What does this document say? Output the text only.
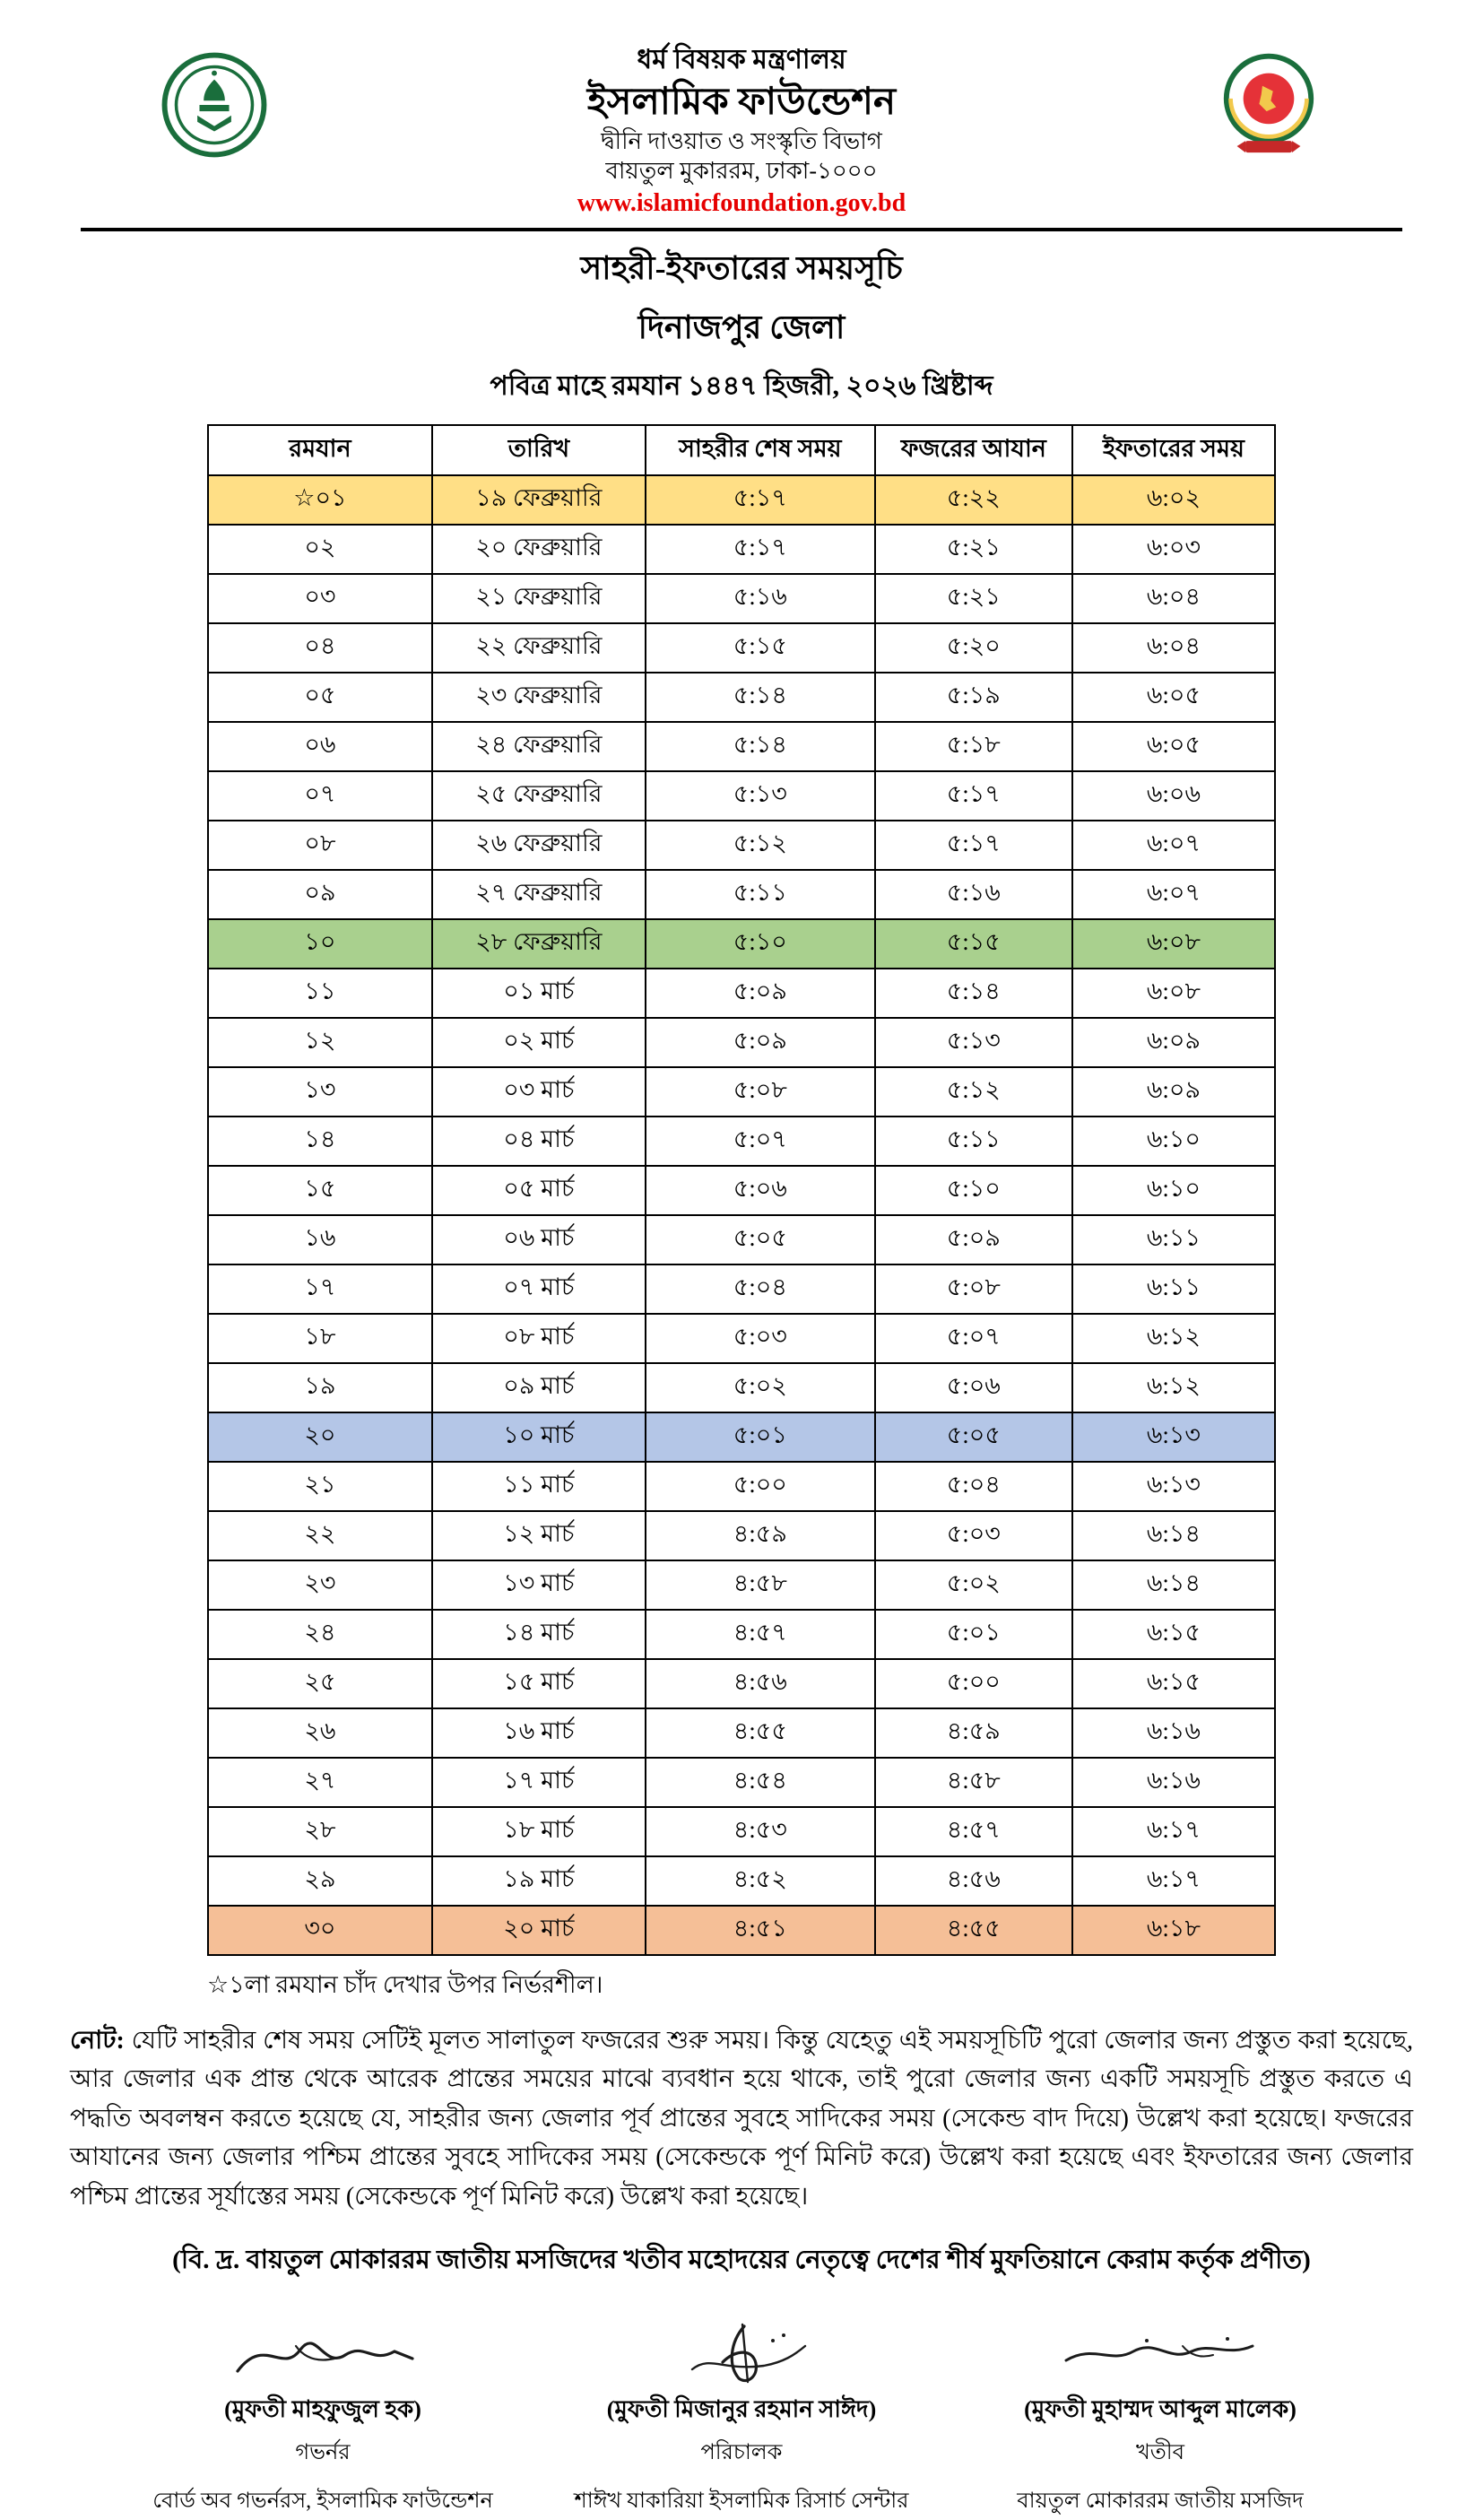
ধর্ম বিষয়ক মন্ত্রণালয়
ইসলামিক ফাউন্ডেশন
দ্বীনি দাওয়াত ও সংস্কৃতি বিভাগ
বায়তুল মুকাররম, ঢাকা-১০০০
www.islamicfoundation.gov.bd
সাহরী-ইফতারের সময়সূচি
দিনাজপুর জেলা
পবিত্র মাহে রমযান ১৪৪৭ হিজরী, ২০২৬ খ্রিষ্টাব্দ
রমযান	তারিখ	সাহরীর শেষ সময়	ফজরের আযান	ইফতারের সময়
☆০১	১৯ ফেব্রুয়ারি	৫:১৭	৫:২২	৬:০২
০২	২০ ফেব্রুয়ারি	৫:১৭	৫:২১	৬:০৩
০৩	২১ ফেব্রুয়ারি	৫:১৬	৫:২১	৬:০৪
০৪	২২ ফেব্রুয়ারি	৫:১৫	৫:২০	৬:০৪
০৫	২৩ ফেব্রুয়ারি	৫:১৪	৫:১৯	৬:০৫
০৬	২৪ ফেব্রুয়ারি	৫:১৪	৫:১৮	৬:০৫
০৭	২৫ ফেব্রুয়ারি	৫:১৩	৫:১৭	৬:০৬
০৮	২৬ ফেব্রুয়ারি	৫:১২	৫:১৭	৬:০৭
০৯	২৭ ফেব্রুয়ারি	৫:১১	৫:১৬	৬:০৭
১০	২৮ ফেব্রুয়ারি	৫:১০	৫:১৫	৬:০৮
১১	০১ মার্চ	৫:০৯	৫:১৪	৬:০৮
১২	০২ মার্চ	৫:০৯	৫:১৩	৬:০৯
১৩	০৩ মার্চ	৫:০৮	৫:১২	৬:০৯
১৪	০৪ মার্চ	৫:০৭	৫:১১	৬:১০
১৫	০৫ মার্চ	৫:০৬	৫:১০	৬:১০
১৬	০৬ মার্চ	৫:০৫	৫:০৯	৬:১১
১৭	০৭ মার্চ	৫:০৪	৫:০৮	৬:১১
১৮	০৮ মার্চ	৫:০৩	৫:০৭	৬:১২
১৯	০৯ মার্চ	৫:০২	৫:০৬	৬:১২
২০	১০ মার্চ	৫:০১	৫:০৫	৬:১৩
২১	১১ মার্চ	৫:০০	৫:০৪	৬:১৩
২২	১২ মার্চ	৪:৫৯	৫:০৩	৬:১৪
২৩	১৩ মার্চ	৪:৫৮	৫:০২	৬:১৪
২৪	১৪ মার্চ	৪:৫৭	৫:০১	৬:১৫
২৫	১৫ মার্চ	৪:৫৬	৫:০০	৬:১৫
২৬	১৬ মার্চ	৪:৫৫	৪:৫৯	৬:১৬
২৭	১৭ মার্চ	৪:৫৪	৪:৫৮	৬:১৬
২৮	১৮ মার্চ	৪:৫৩	৪:৫৭	৬:১৭
২৯	১৯ মার্চ	৪:৫২	৪:৫৬	৬:১৭
৩০	২০ মার্চ	৪:৫১	৪:৫৫	৬:১৮
☆১লা রমযান চাঁদ দেখার উপর নির্ভরশীল।
নোট: যেটি সাহরীর শেষ সময় সেটিই মূলত সালাতুল ফজরের শুরু সময়। কিন্তু যেহেতু এই সময়সূচিটি পুরো জেলার জন্য প্রস্তুত করা হয়েছে, আর জেলার এক প্রান্ত থেকে আরেক প্রান্তের সময়ের মাঝে ব্যবধান হয়ে থাকে, তাই পুরো জেলার জন্য একটি সময়সূচি প্রস্তুত করতে এ পদ্ধতি অবলম্বন করতে হয়েছে যে, সাহরীর জন্য জেলার পূর্ব প্রান্তের সুবহে সাদিকের সময় (সেকেন্ড বাদ দিয়ে) উল্লেখ করা হয়েছে। ফজরের আযানের জন্য জেলার পশ্চিম প্রান্তের সুবহে সাদিকের সময় (সেকেন্ডকে পূর্ণ মিনিট করে) উল্লেখ করা হয়েছে এবং ইফতারের জন্য জেলার পশ্চিম প্রান্তের সূর্যাস্তের সময় (সেকেন্ডকে পূর্ণ মিনিট করে) উল্লেখ করা হয়েছে।
(বি. দ্র. বায়তুল মোকাররম জাতীয় মসজিদের খতীব মহোদয়ের নেতৃত্বে দেশের শীর্ষ মুফতিয়ানে কেরাম কর্তৃক প্রণীত)
(মুফতী মাহফুজুল হক)
গভর্নর
বোর্ড অব গভর্নরস, ইসলামিক ফাউন্ডেশন
(মুফতী মিজানুর রহমান সাঈদ)
পরিচালক
শাঈখ যাকারিয়া ইসলামিক রিসার্চ সেন্টার
(মুফতী মুহাম্মদ আব্দুল মালেক)
খতীব
বায়তুল মোকাররম জাতীয় মসজিদ
